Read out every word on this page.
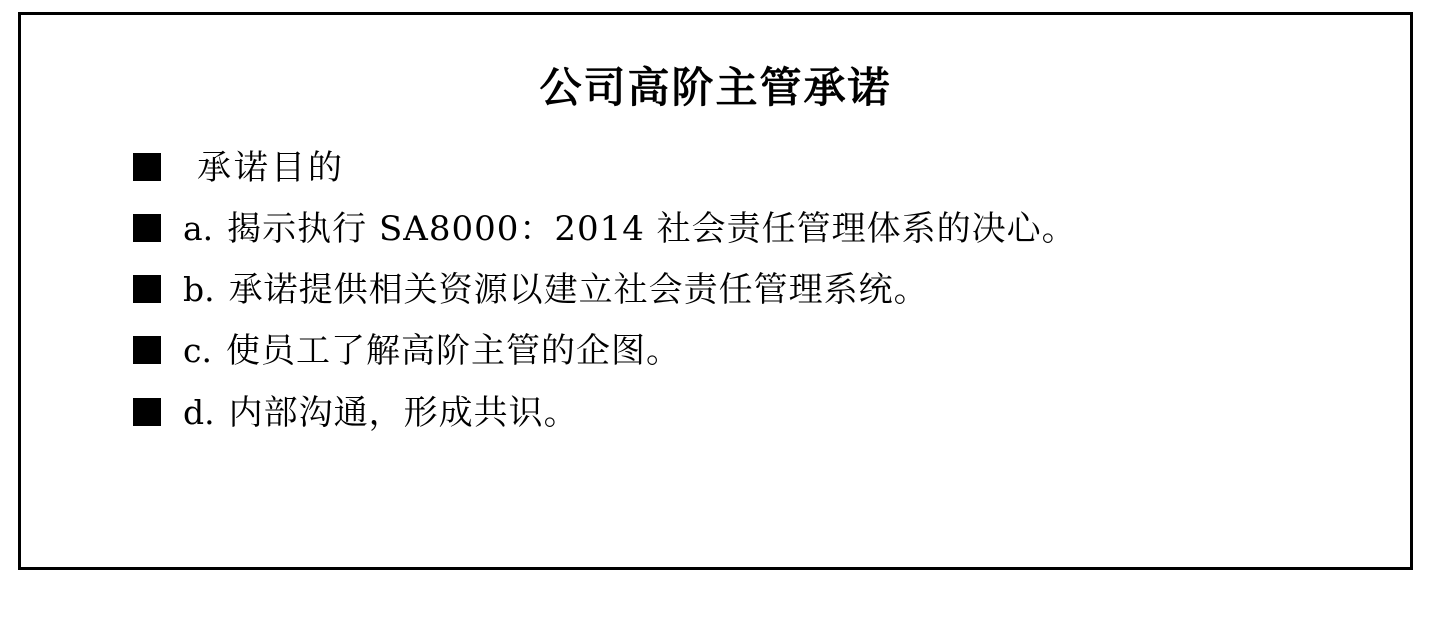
公司高阶主管承诺
承诺目的
a. 揭示执行 SA8000：2014 社会责任管理体系的决心。
b. 承诺提供相关资源以建立社会责任管理系统。
c. 使员工了解高阶主管的企图。
d. 内部沟通，形成共识。
